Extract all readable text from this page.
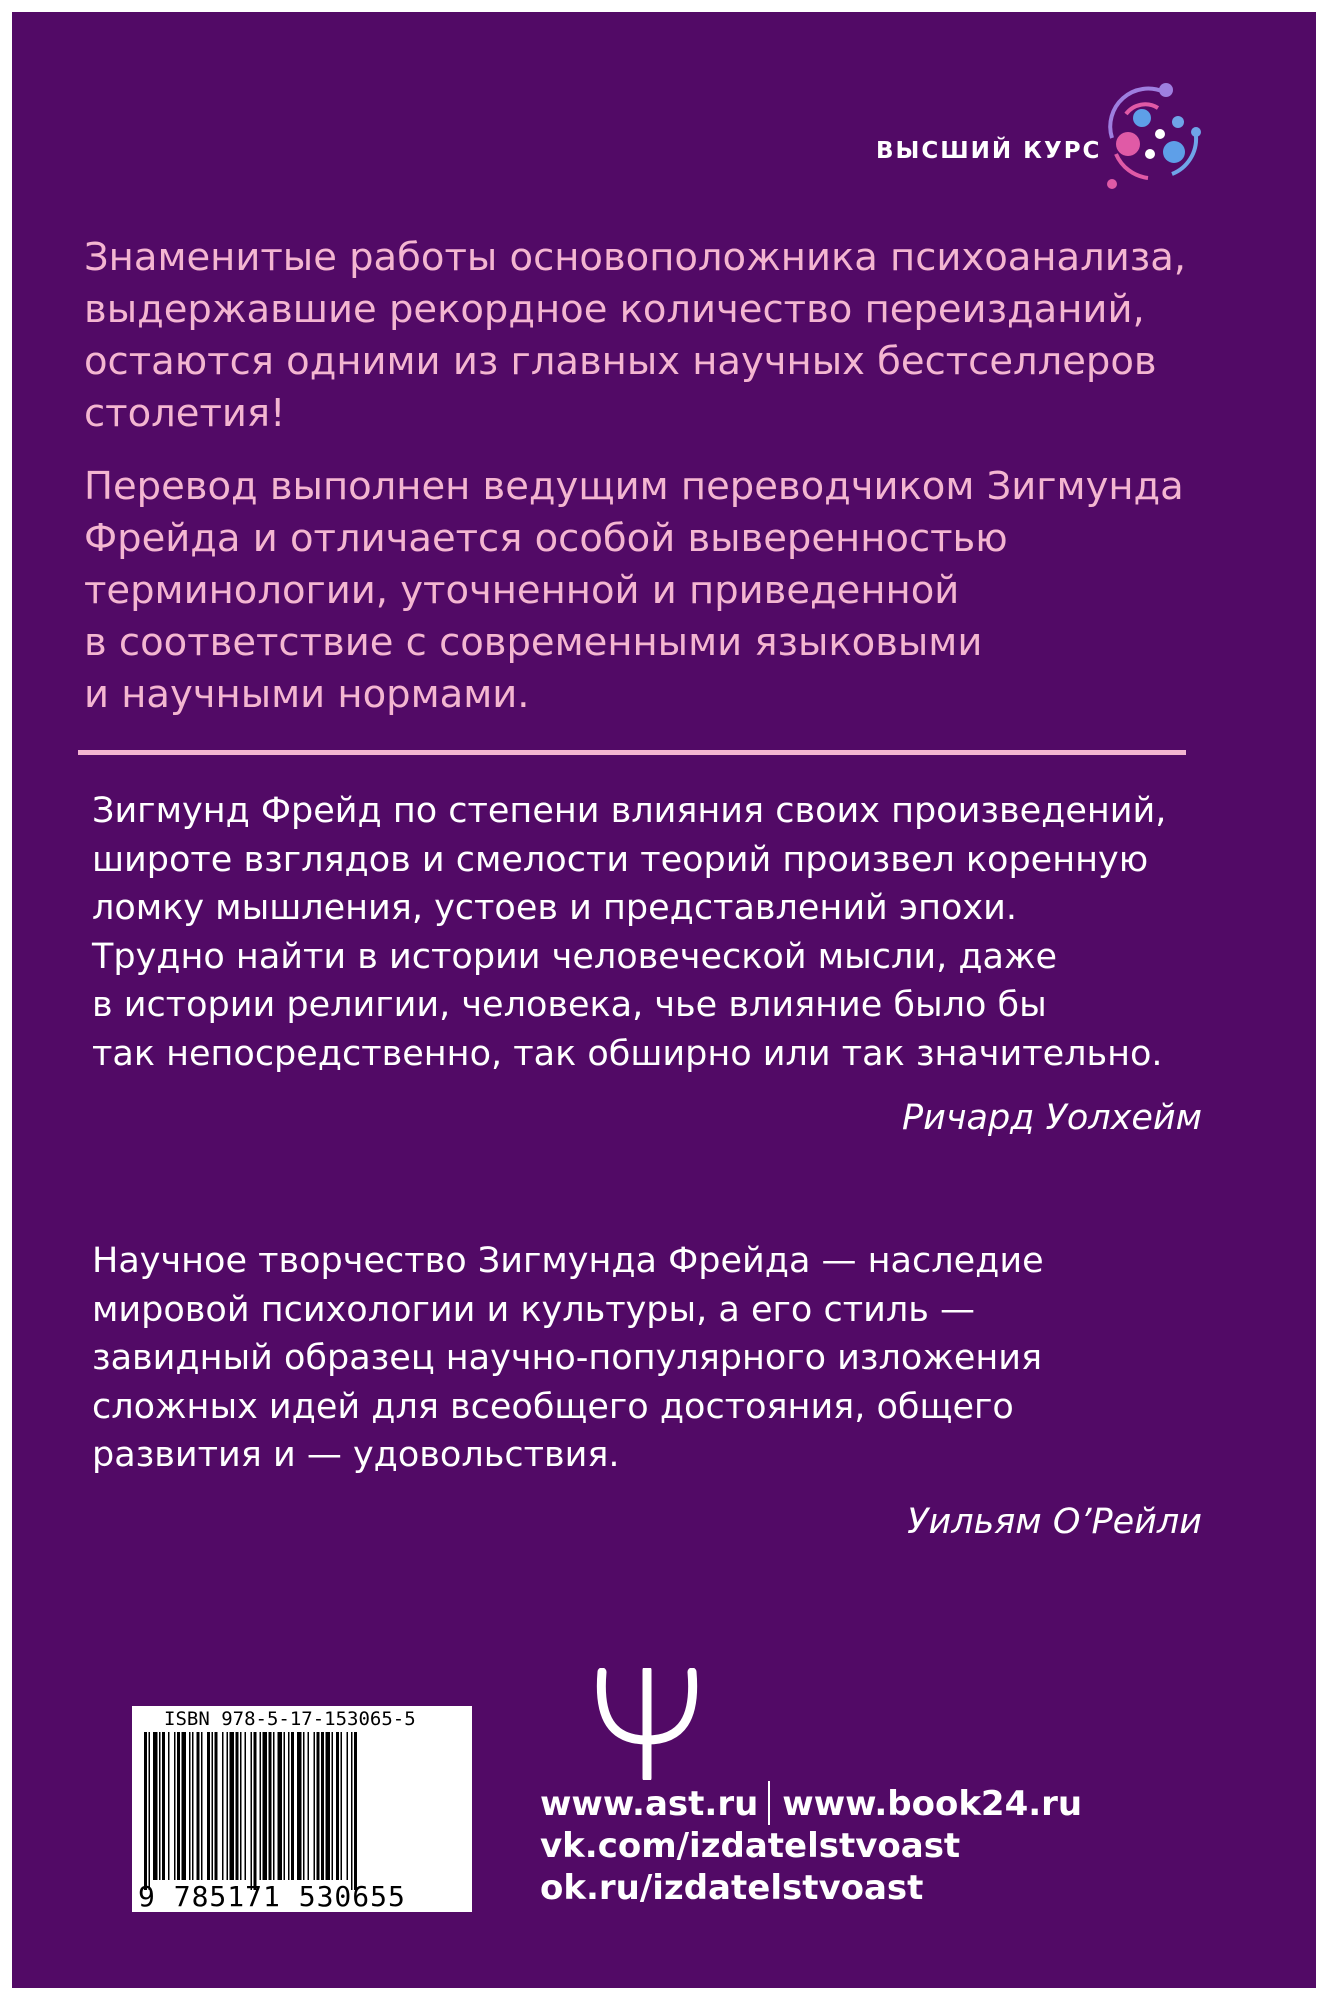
ВЫСШИЙ КУРС
Знаменитые работы основоположника психоанализа,
выдержавшие рекордное количество переизданий,
остаются одними из главных научных бестселлеров
столетия!
Перевод выполнен ведущим переводчиком Зигмунда
Фрейда и отличается особой выверенностью
терминологии, уточненной и приведенной
в соответствие с современными языковыми
и научными нормами.
Зигмунд Фрейд по степени влияния своих произведений,
широте взглядов и смелости теорий произвел коренную
ломку мышления, устоев и представлений эпохи.
Трудно найти в истории человеческой мысли, даже
в истории религии, человека, чье влияние было бы
так непосредственно, так обширно или так значительно.
Ричард Уолхейм
Научное творчество Зигмунда Фрейда — наследие
мировой психологии и культуры, а его стиль —
завидный образец научно-популярного изложения
сложных идей для всеобщего достояния, общего
развития и — удовольствия.
Уильям О’Рейли
ISBN 978-5-17-153065-5
9 785171 530655
www.ast.ru www.book24.ru
vk.com/izdatelstvoast
ok.ru/izdatelstvoast
